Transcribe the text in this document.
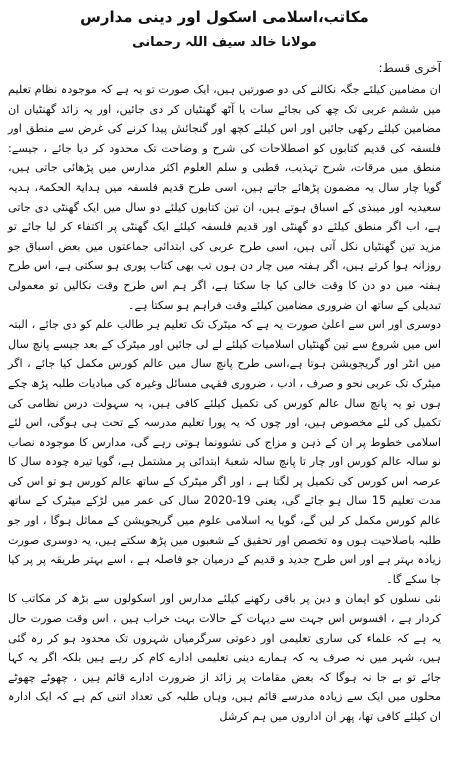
مکاتب،اسلامی اسکول اور دینی مدارس
مولانا خالد سیف اللہ رحمانی
آخری قسط:

ان مضامین کیلئے جگہ نکالنے کی دو صورتیں ہیں، ایک صورت تو یہ ہے کہ موجودہ نظام تعلیم میں ششم عربی تک چھ کی بجائے سات یا آٹھ گھنٹیاں کر دی جائیں، اور یہ زائد گھنٹیاں ان مضامین کیلئے رکھی جائیں اور اس کیلئے کچھ اور گنجائش پیدا کرنے کی غرض سے منطق اور فلسفہ کی قدیم کتابوں کو اصطلاحات کی شرح و وضاحت تک محدود کر دیا جائے ، جیسے: منطق میں مرقات، شرح تہذیب، قطبی و سلم العلوم اکثر مدارس میں پڑھائی جاتی ہیں، گویا چار سال یہ مضمون پڑھائے جاتے ہیں، اسی طرح قدیم فلسفہ میں ہدایۃ الحکمۃ، ہدیہ سعیدیہ اور میبذی کے اسباق ہوتے ہیں، ان تین کتابوں کیلئے دو سال میں ایک گھنٹی دی جاتی ہے، اب اگر منطق کیلئے دو گھنٹی اور قدیم فلسفہ کیلئے ایک گھنٹی پر اکتفاء کر لیا جائے تو مزید تین گھنٹیاں نکل آتی ہیں، اسی طرح عربی کی ابتدائی جماعتوں میں بعض اسباق جو روزانہ ہوا کرتے ہیں، اگر ہفتہ میں چار دن ہوں تب بھی کتاب پوری ہو سکتی ہے، اس طرح ہفتہ میں دو دن کا وقت خالی کیا جا سکتا ہے، اگر ہم اس طرح وقت نکالیں تو معمولی تبدیلی کے ساتھ ان ضروری مضامین کیلئے وقت فراہم ہو سکتا ہے۔

دوسری اور اس سے اعلیٰ صورت یہ ہے کہ میٹرک تک تعلیم ہر طالب علم کو دی جائے ، البتہ اس میں شروع سے تین گھنٹیاں اسلامیات کیلئے لے لی جائیں اور میٹرک کے بعد جیسے پانچ سال میں انٹر اور گریجویشن ہوتا ہے،اسی طرح پانچ سال میں عالم کورس مکمل کیا جائے ، اگر میٹرک تک عربی نحو و صرف ، ادب ، ضروری فقہی مسائل وغیرہ کی مبادیات طلبہ پڑھ چکے ہوں تو یہ پانچ سال عالم کورس کی تکمیل کیلئے کافی ہیں، یہ سہولت درس نظامی کی تکمیل کی لئے مخصوص ہیں، اور چوں کہ یہ پورا تعلیم مدرسہ کے تحت ہی ہوگی، اس لئے اسلامی خطوط پر ان کے ذہن و مزاج کی نشوونما ہوتی رہے گی، مدارس کا موجودہ نصاب نو سالہ عالم کورس اور چار تا پانچ سالہ شعبۂ ابتدائی پر مشتمل ہے، گویا تیرہ چودہ سال کا عرصہ اس کورس کی تکمیل پر لگتا ہے ، اور اگر میٹرک کے ساتھ عالم کورس ہو تو اس کی مدت تعلیم 15 سال ہو جائے گی، یعنی 19-2020 سال کی عمر میں لڑکے میٹرک کے ساتھ عالم کورس مکمل کر لیں گے، گویا یہ اسلامی علوم میں گریجویشن کے مماثل ہوگا ، اور جو طلبہ باصلاحیت ہوں وہ تخصص اور تحقیق کے شعبوں میں پڑھ سکتے ہیں، یہ دوسری صورت زیادہ بہتر ہے اور اس طرح جدید و قدیم کے درمیان جو فاصلہ ہے ، اسے بہتر طریقہ پر پر کیا جا سکے گا۔

نئی نسلوں کو ایمان و دین پر باقی رکھنے کیلئے مدارس اور اسکولوں سے بڑھ کر مکاتب کا کردار ہے ، افسوس اس جہت سے دیہات کے حالات بہت خراب ہیں ، اس وقت صورت حال یہ ہے کہ علماء کی ساری تعلیمی اور دعوتی سرگرمیاں شہروں تک محدود ہو کر رہ گئی ہیں، شہر میں نہ صرف یہ کہ ہمارے دینی تعلیمی ادارے کام کر رہے ہیں بلکہ اگر یہ کہا جائے تو بے جا نہ ہوگا کہ بعض مقامات پر زائد از ضرورت ادارے قائم ہیں ، چھوٹے چھوٹے محلوں میں ایک سے زیادہ مدرسے قائم ہیں، وہاں طلبہ کی تعداد اتنی کم ہے کہ ایک ادارہ ان کیلئے کافی تھا، پھر ان اداروں میں ہم کرشل
